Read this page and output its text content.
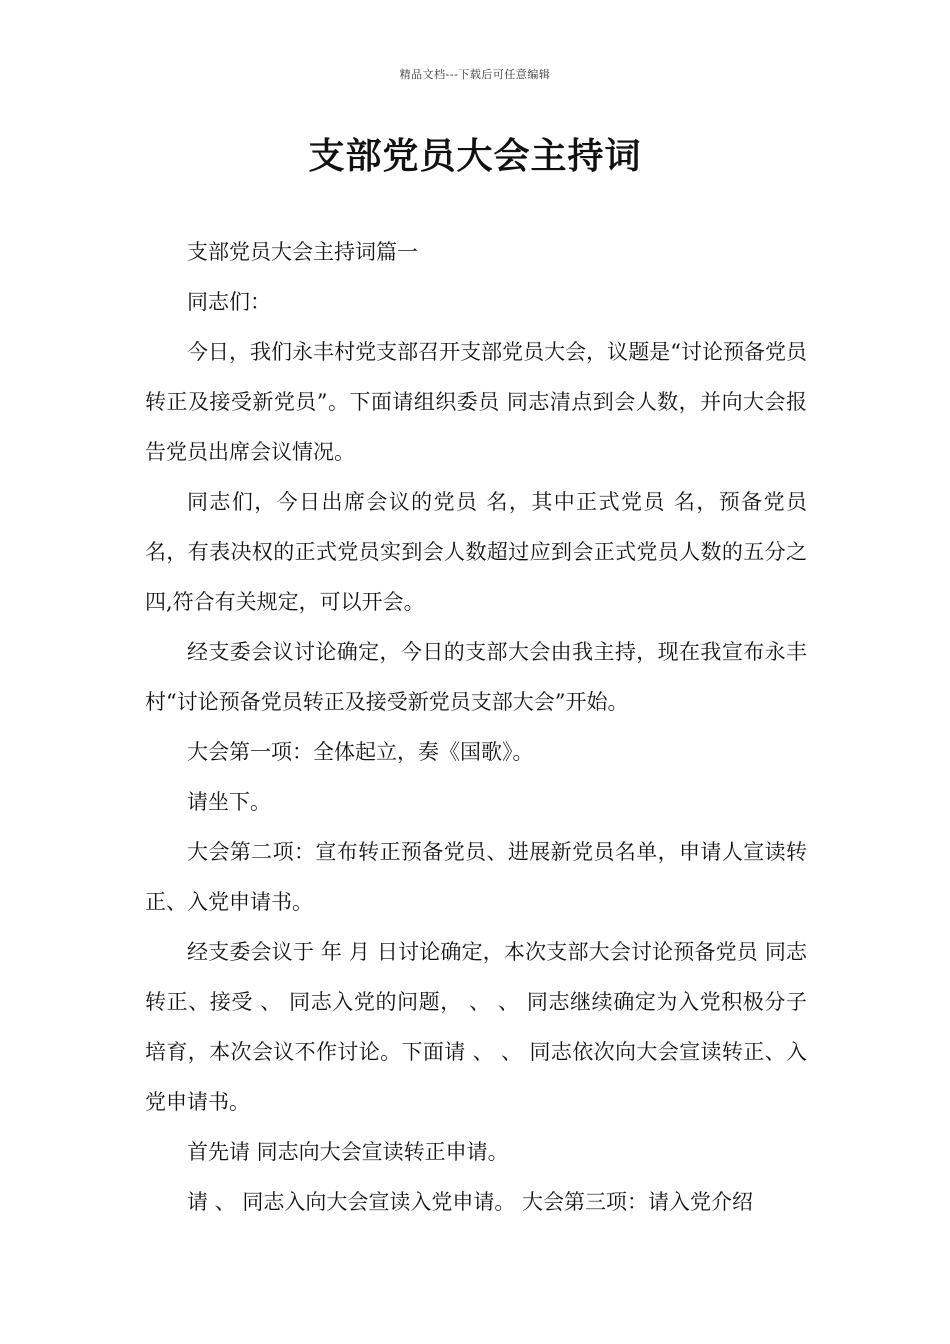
精品文档---下载后可任意编辑
支部党员大会主持词

支部党员大会主持词篇一

同志们：

今日，我们永丰村党支部召开支部党员大会，议题是“讨论预备党员转正及接受新党员”。下面请组织委员 同志清点到会人数，并向大会报告党员出席会议情况。

同志们，今日出席会议的党员 名，其中正式党员 名，预备党员 名，有表决权的正式党员实到会人数超过应到会正式党员人数的五分之四,符合有关规定，可以开会。

经支委会议讨论确定，今日的支部大会由我主持，现在我宣布永丰村“讨论预备党员转正及接受新党员支部大会”开始。

大会第一项：全体起立，奏《国歌》。

请坐下。

大会第二项：宣布转正预备党员、进展新党员名单，申请人宣读转正、入党申请书。

经支委会议于 年 月 日讨论确定，本次支部大会讨论预备党员 同志转正、接受 、 同志入党的问题， 、 、 同志继续确定为入党积极分子培育，本次会议不作讨论。下面请 、 、 同志依次向大会宣读转正、入党申请书。

首先请 同志向大会宣读转正申请。

请 、 同志入向大会宣读入党申请。 大会第三项：请入党介绍
